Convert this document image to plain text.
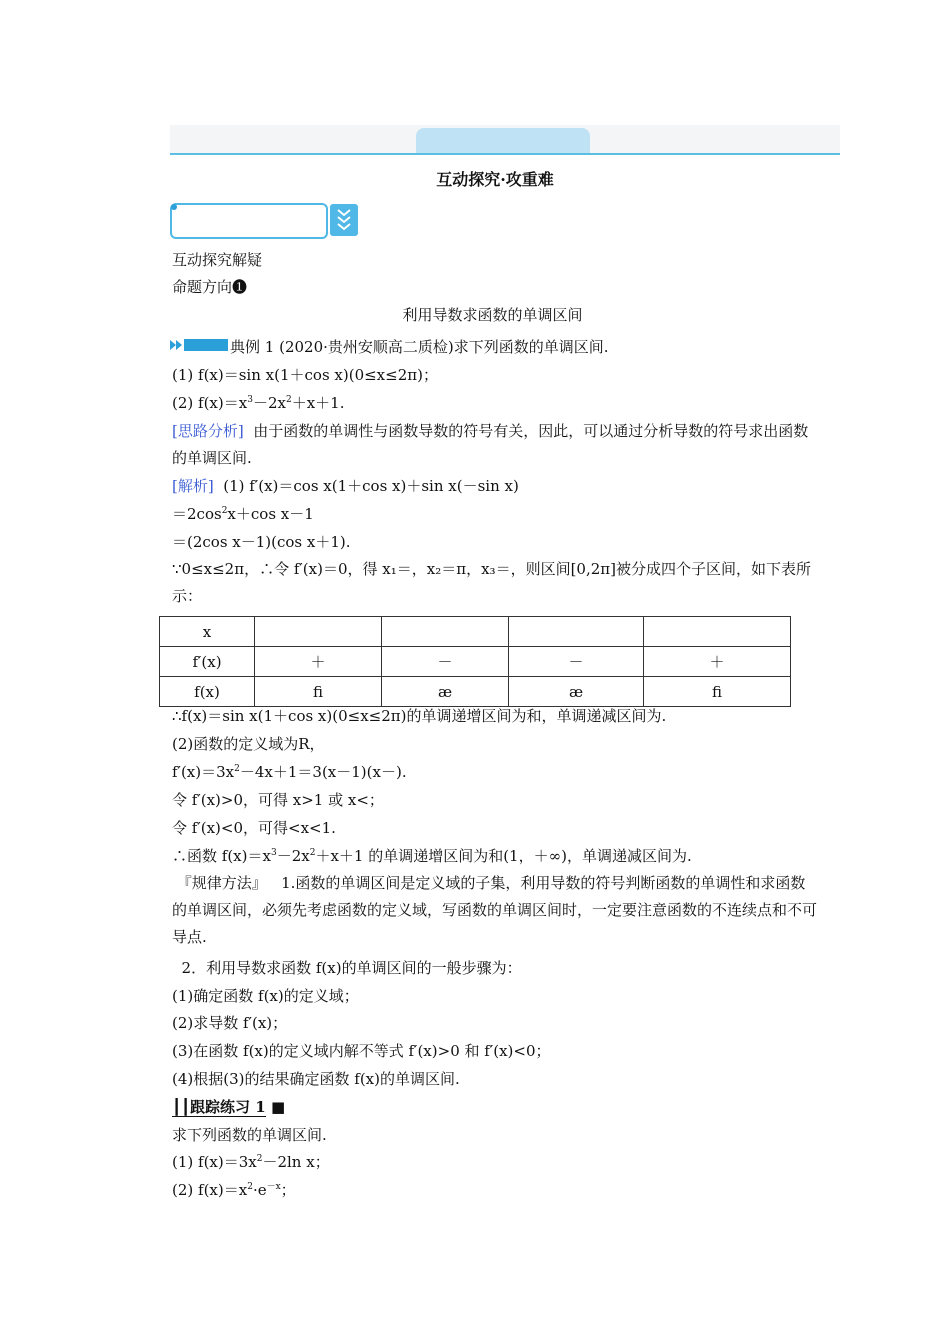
互动探究·攻重难
互动探究解疑
命题方向❶
利用导数求函数的单调区间
典例 1 (2020·贵州安顺高二质检)求下列函数的单调区间.
(1) f(x)＝sin x(1＋cos x)(0≤x≤2π)；
(2) $f(x)=x^3-2x^2+x+1$.
[思路分析] 由于函数的单调性与函数导数的符号有关，因此，可以通过分析导数的符号求出函数的单调区间.
[解析] (1) f′(x)＝cos x(1＋cos x)＋sin x(－sin x)
$=2\cos^2x+\cos$ x－1
＝(2cos x－1)(cos x＋1).
∵0≤x≤2π，∴令 f′(x)＝0，得 x₁＝，x₂＝π，x₃＝，则区间[0,2π]被分成四个子区间，如下表所示：
x				
f′(x)	＋	－	－	＋
f(x)	ﬁ	æ	æ	ﬁ
∴f(x)＝sin x(1＋cos x)(0≤x≤2π)的单调递增区间为和，单调递减区间为.
(2)函数的定义域为R，
$f'(x)=3x^2-4x+1=3(x-1)(x-)$.
令 f′(x)>0，可得 x>1 或 x<；
令 f′(x)<0，可得<x<1.
∴函数 $f(x)=x^3-2x^2+x+1$ 的单调递增区间为和(1，＋∞)，单调递减区间为.
『规律方法』 1.函数的单调区间是定义域的子集，利用导数的符号判断函数的单调性和求函数的单调区间，必须先考虑函数的定义域，写函数的单调区间时，一定要注意函数的不连续点和不可导点.
2．利用导数求函数 f(x)的单调区间的一般步骤为：
(1)确定函数 f(x)的定义域；
(2)求导数 f′(x)；
(3)在函数 f(x)的定义域内解不等式 f′(x)>0 和 f′(x)<0；
(4)根据(3)的结果确定函数 f(x)的单调区间.
┃┃跟踪练习 1 ■
求下列函数的单调区间.
(1) $f(x)=3x^2-2\ln$ x；
(2) $f(x)=x^2\cdot e^{-x}$；
